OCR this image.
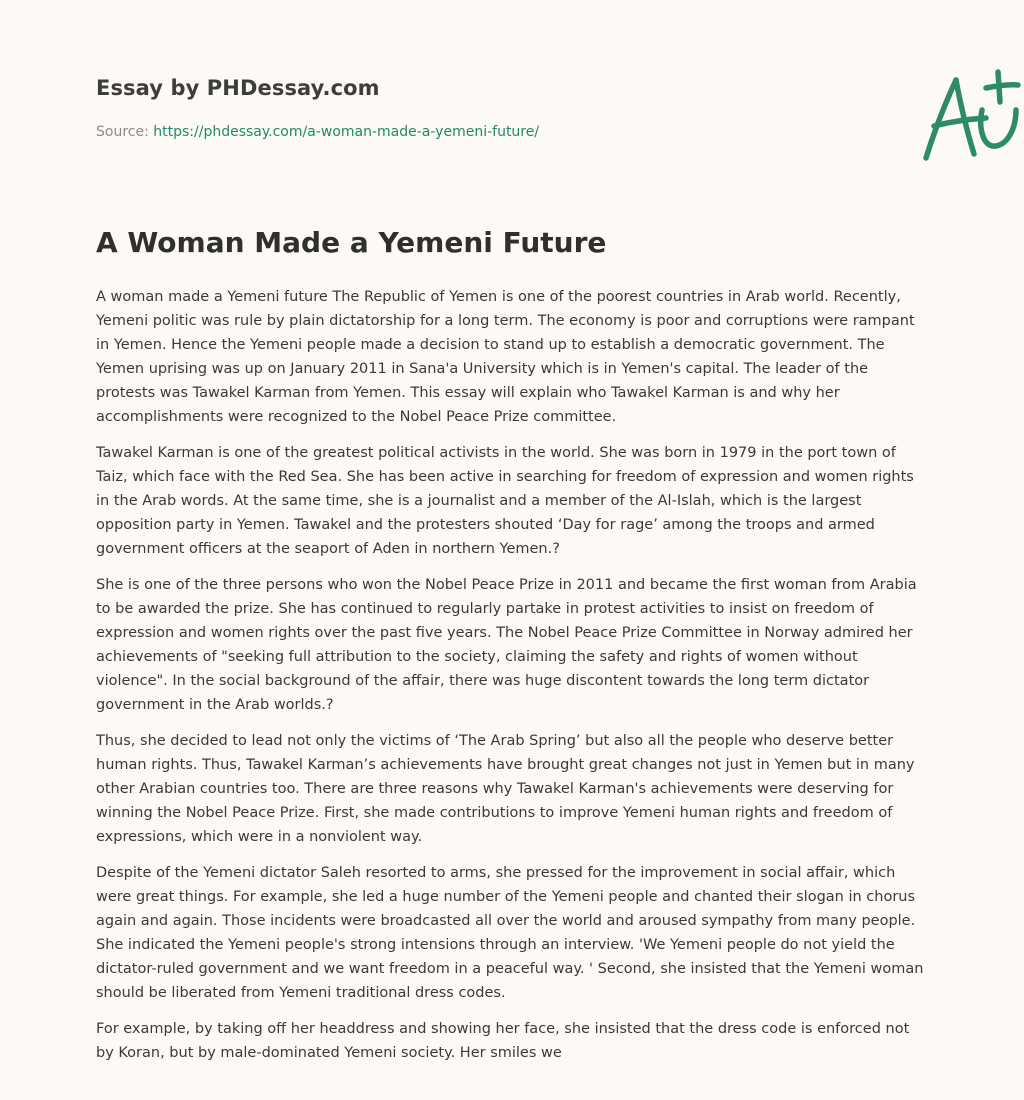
Essay by PHDessay.com
Source: https://phdessay.com/a-woman-made-a-yemeni-future/
A Woman Made a Yemeni Future

A woman made a Yemeni future The Republic of Yemen is one of the poorest countries in Arab world. Recently, Yemeni politic was rule by plain dictatorship for a long term. The economy is poor and corruptions were rampant in Yemen. Hence the Yemeni people made a decision to stand up to establish a democratic government. The Yemen uprising was up on January 2011 in Sana'a University which is in Yemen's capital. The leader of the protests was Tawakel Karman from Yemen. This essay will explain who Tawakel Karman is and why her accomplishments were recognized to the Nobel Peace Prize committee.

Tawakel Karman is one of the greatest political activists in the world. She was born in 1979 in the port town of Taiz, which face with the Red Sea. She has been active in searching for freedom of expression and women rights in the Arab words. At the same time, she is a journalist and a member of the Al-Islah, which is the largest opposition party in Yemen. Tawakel and the protesters shouted ‘Day for rage’ among the troops and armed government officers at the seaport of Aden in northern Yemen.?

She is one of the three persons who won the Nobel Peace Prize in 2011 and became the first woman from Arabia to be awarded the prize. She has continued to regularly partake in protest activities to insist on freedom of expression and women rights over the past five years. The Nobel Peace Prize Committee in Norway admired her achievements of "seeking full attribution to the society, claiming the safety and rights of women without violence". In the social background of the affair, there was huge discontent towards the long term dictator government in the Arab worlds.?

Thus, she decided to lead not only the victims of ‘The Arab Spring’ but also all the people who deserve better human rights. Thus, Tawakel Karman’s achievements have brought great changes not just in Yemen but in many other Arabian countries too. There are three reasons why Tawakel Karman's achievements were deserving for winning the Nobel Peace Prize. First, she made contributions to improve Yemeni human rights and freedom of expressions, which were in a nonviolent way.

Despite of the Yemeni dictator Saleh resorted to arms, she pressed for the improvement in social affair, which were great things. For example, she led a huge number of the Yemeni people and chanted their slogan in chorus again and again. Those incidents were broadcasted all over the world and aroused sympathy from many people. She indicated the Yemeni people's strong intensions through an interview. 'We Yemeni people do not yield the dictator-ruled government and we want freedom in a peaceful way. ' Second, she insisted that the Yemeni woman should be liberated from Yemeni traditional dress codes.

For example, by taking off her headdress and showing her face, she insisted that the dress code is enforced not by Koran, but by male-dominated Yemeni society. Her smiles we
